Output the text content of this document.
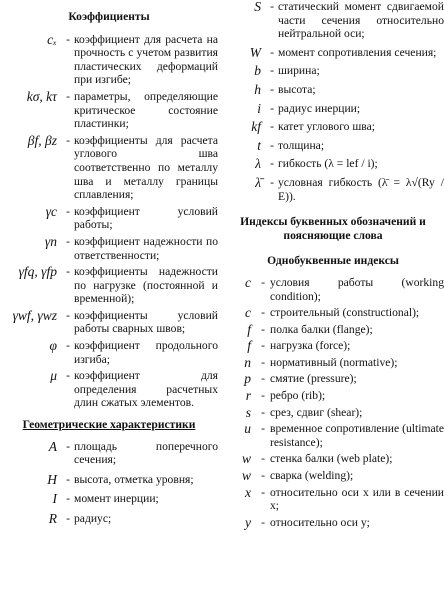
Коэффициенты
cₓ - коэффициент для расчета на прочность с учетом развития пластических деформаций при изгибе;
kσ, kτ - параметры, определяющие критическое состояние пластинки;
βf, βz - коэффициенты для расчета углового шва соответственно по металлу шва и металлу границы сплавления;
γc - коэффициент условий работы;
γn - коэффициент надежности по ответственности;
γfq, γfp - коэффициенты надежности по нагрузке (постоянной и временной);
γwf, γwz - коэффициенты условий работы сварных швов;
φ - коэффициент продольного изгиба;
μ - коэффициент для определения расчетных длин сжатых элементов.
Геометрические характеристики
A - площадь поперечного сечения;
H - высота, отметка уровня;
I - момент инерции;
R - радиус;
S - статический момент сдвигаемой части сечения относительно нейтральной оси;
W - момент сопротивления сечения;
b - ширина;
h - высота;
i - радиус инерции;
kf - катет углового шва;
t - толщина;
λ - гибкость (λ = lef / i);
λ̄ - условная гибкость (λ̄ = λ√(Ry / E)).
Индексы буквенных обозначений и поясняющие слова
Однобуквенные индексы
c - условия работы (working condition);
c - строительный (constructional);
f - полка балки (flange);
f - нагрузка (force);
n - нормативный (normative);
p - смятие (pressure);
r - ребро (rib);
s - срез, сдвиг (shear);
u - временное сопротивление (ultimate resistance);
w - стенка балки (web plate);
w - сварка (welding);
x - относительно оси x или в сечении x;
y - относительно оси y;
